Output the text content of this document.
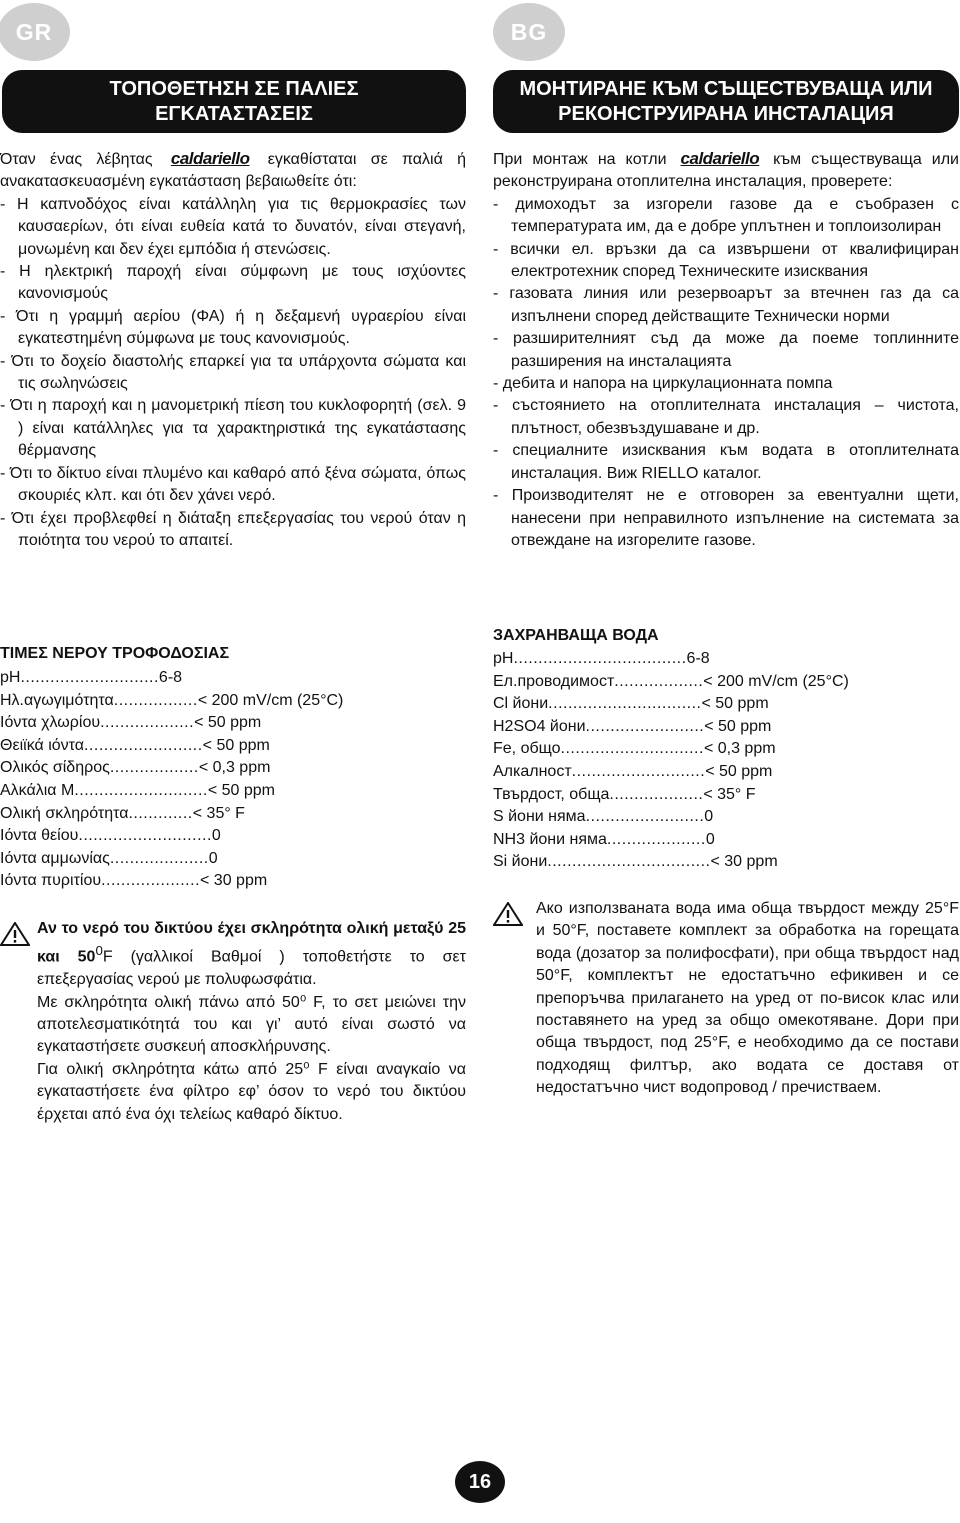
GR
ΤΟΠΟΘΕΤΗΣΗ ΣΕ ΠΑΛΙΕΣ
ΕΓΚΑΤΑΣΤΑΣΕΙΣ

Όταν ένας λέβητας caldariello εγκαθίσταται σε παλιά ή ανακατασκευασμένη εγκατάσταση βεβαιωθείτε ότι:

- Η καπνοδόχος είναι κατάλληλη για τις θερμοκρασίες των καυσαερίων, ότι είναι ευθεία κατά το δυνατόν, είναι στεγανή, μονωμένη και δεν έχει εμπόδια ή στενώσεις.

- Η ηλεκτρική παροχή είναι σύμφωνη με τους ισχύοντες κανονισμούς

- Ότι η γραμμή αερίου (ΦΑ) ή η δεξαμενή υγραερίου είναι εγκατεστημένη σύμφωνα με τους κανονισμούς.

- Ότι το δοχείο διαστολής επαρκεί για τα υπάρχοντα σώματα και τις σωληνώσεις

- Ότι η παροχή και η μανομετρική πίεση του κυκλοφορητή (σελ. 9 ) είναι κατάλληλες για τα χαρακτηριστικά της εγκατάστασης θέρμανσης

- Ότι το δίκτυο είναι πλυμένο και καθαρό από ξένα σώματα, όπως σκουριές κλπ. και ότι δεν χάνει νερό.

- Ότι έχει προβλεφθεί η διάταξη επεξεργασίας του νερού όταν η ποιότητα του νερού το απαιτεί.

ΤΙΜΕΣ ΝΕΡΟΥ ΤΡΟΦΟΔΟΣΙΑΣ
pH ............................ 6-8
Ηλ.αγωγιμότητα ................. < 200 mV/cm (25°C)
Ιόντα χλωρίου ................... < 50 ppm
Θειϊκά ιόντα ........................ < 50 ppm
Ολικός σίδηρος .................. < 0,3 ppm
Αλκάλια M ........................... < 50 ppm
Ολική σκληρότητα ............. < 35° F
Ιόντα θείου ........................... 0
Ιόντα αμμωνίας .................... 0
Ιόντα πυριτίου .................... < 30 ppm

Αν το νερό του δικτύου έχει σκληρότητα ολική μεταξύ 25 και $50^0F$ (γαλλικοί Βαθμοί ) τοποθετήστε το σετ επεξεργασίας νερού με πολυφωσφάτια.

Με σκληρότητα ολική πάνω από 50⁰ F, το σετ μειώνει την αποτελεσματικότητά του και γι’ αυτό είναι σωστό να εγκαταστήσετε συσκευή αποσκλήρυνσης.

Για ολική σκληρότητα κάτω από 25⁰ F είναι αναγκαίο να εγκαταστήσετε ένα φίλτρο εφ’ όσον το νερό του δικτύου έρχεται από ένα όχι τελείως καθαρό δίκτυο.

BG
МОНТИРАНЕ КЪМ СЪЩЕСТВУВАЩА ИЛИ
РЕКОНСТРУИРАНА ИНСТАЛАЦИЯ

При монтаж на котли caldariello към съществуваща или реконструирана отоплителна инсталация, проверете:

- димоходът за изгорели газове да е съобразен с температурата им, да е добре уплътнен и топлоизолиран

- всички ел. връзки да са извършени от квалифициран електротехник според Техническите изисквания

- газовата линия или резервоарът за втечнен газ да са изпълнени според действащите Технически норми

- разширителният съд да може да поеме топлинните разширения на инсталацията

- дебита и напора на циркулационната помпа

- състоянието на отоплителната инсталация – чистота, плътност, обезвъздушаване и др.

- специалните изисквания към водата в отоплителната инсталация. Виж RIELLO каталог.

- Производителят не е отговорен за евентуални щети, нанесени при неправилното изпълнение на системата за отвеждане на изгорелите газове.

ЗАХРАНВАЩА ВОДА
pH ................................... 6-8
Ел.проводимост .................. < 200 mV/cm (25°C)
Cl йони ............................... < 50 ppm
H2SO4 йони ........................ < 50 ppm
Fe, общо ............................. < 0,3 ppm
Алкалност ........................... < 50 ppm
Твърдост, обща ................... < 35° F
S йони няма ........................ 0
NH3 йони няма .................... 0
Si йони ................................. < 30 ppm
Ако използваната вода има обща твърдост между 25°F и 50°F, поставете комплект за обработка на горещата вода (дозатор за полифосфати), при обща твърдост над 50°F, комплектът не едостатъчно ефикивен и се препоръчва прилагането на уред от по-висок клас или поставянето на уред за общо омекотяване. Дори при обща твърдост, под 25°F, е необходимо да се постави подходящ филтър, ако водата се доставя от недостатъчно чист водопровод / пречистваем.
16
